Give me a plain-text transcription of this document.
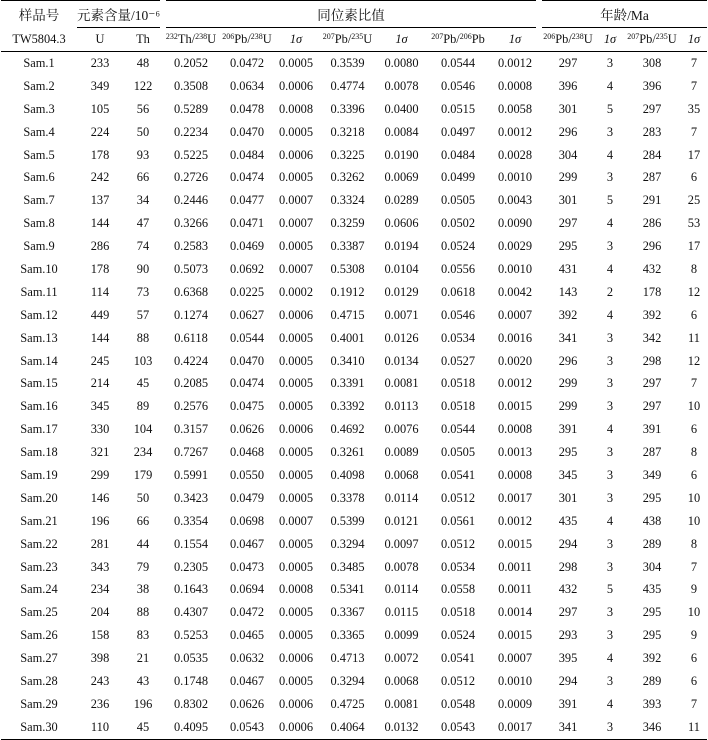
样品号	元素含量/10⁻⁶		同位素比值							年龄/Ma			
TW5804.3	U	Th	$^{232}$Th/$^{238}$U	$^{206}$Pb/$^{238}$U	1σ	$^{207}$Pb/$^{235}$U	1σ	$^{207}$Pb/$^{206}$Pb	1σ	$^{206}$Pb/$^{238}$U	1σ	$^{207}$Pb/$^{235}$U	1σ
Sam.1	233	48	0.2052	0.0472	0.0005	0.3539	0.0080	0.0544	0.0012	297	3	308	7
Sam.2	349	122	0.3508	0.0634	0.0006	0.4774	0.0078	0.0546	0.0008	396	4	396	7
Sam.3	105	56	0.5289	0.0478	0.0008	0.3396	0.0400	0.0515	0.0058	301	5	297	35
Sam.4	224	50	0.2234	0.0470	0.0005	0.3218	0.0084	0.0497	0.0012	296	3	283	7
Sam.5	178	93	0.5225	0.0484	0.0006	0.3225	0.0190	0.0484	0.0028	304	4	284	17
Sam.6	242	66	0.2726	0.0474	0.0005	0.3262	0.0069	0.0499	0.0010	299	3	287	6
Sam.7	137	34	0.2446	0.0477	0.0007	0.3324	0.0289	0.0505	0.0043	301	5	291	25
Sam.8	144	47	0.3266	0.0471	0.0007	0.3259	0.0606	0.0502	0.0090	297	4	286	53
Sam.9	286	74	0.2583	0.0469	0.0005	0.3387	0.0194	0.0524	0.0029	295	3	296	17
Sam.10	178	90	0.5073	0.0692	0.0007	0.5308	0.0104	0.0556	0.0010	431	4	432	8
Sam.11	114	73	0.6368	0.0225	0.0002	0.1912	0.0129	0.0618	0.0042	143	2	178	12
Sam.12	449	57	0.1274	0.0627	0.0006	0.4715	0.0071	0.0546	0.0007	392	4	392	6
Sam.13	144	88	0.6118	0.0544	0.0005	0.4001	0.0126	0.0534	0.0016	341	3	342	11
Sam.14	245	103	0.4224	0.0470	0.0005	0.3410	0.0134	0.0527	0.0020	296	3	298	12
Sam.15	214	45	0.2085	0.0474	0.0005	0.3391	0.0081	0.0518	0.0012	299	3	297	7
Sam.16	345	89	0.2576	0.0475	0.0005	0.3392	0.0113	0.0518	0.0015	299	3	297	10
Sam.17	330	104	0.3157	0.0626	0.0006	0.4692	0.0076	0.0544	0.0008	391	4	391	6
Sam.18	321	234	0.7267	0.0468	0.0005	0.3261	0.0089	0.0505	0.0013	295	3	287	8
Sam.19	299	179	0.5991	0.0550	0.0005	0.4098	0.0068	0.0541	0.0008	345	3	349	6
Sam.20	146	50	0.3423	0.0479	0.0005	0.3378	0.0114	0.0512	0.0017	301	3	295	10
Sam.21	196	66	0.3354	0.0698	0.0007	0.5399	0.0121	0.0561	0.0012	435	4	438	10
Sam.22	281	44	0.1554	0.0467	0.0005	0.3294	0.0097	0.0512	0.0015	294	3	289	8
Sam.23	343	79	0.2305	0.0473	0.0005	0.3485	0.0078	0.0534	0.0011	298	3	304	7
Sam.24	234	38	0.1643	0.0694	0.0008	0.5341	0.0114	0.0558	0.0011	432	5	435	9
Sam.25	204	88	0.4307	0.0472	0.0005	0.3367	0.0115	0.0518	0.0014	297	3	295	10
Sam.26	158	83	0.5253	0.0465	0.0005	0.3365	0.0099	0.0524	0.0015	293	3	295	9
Sam.27	398	21	0.0535	0.0632	0.0006	0.4713	0.0072	0.0541	0.0007	395	4	392	6
Sam.28	243	43	0.1748	0.0467	0.0005	0.3294	0.0068	0.0512	0.0010	294	3	289	6
Sam.29	236	196	0.8302	0.0626	0.0006	0.4725	0.0081	0.0548	0.0009	391	4	393	7
Sam.30	110	45	0.4095	0.0543	0.0006	0.4064	0.0132	0.0543	0.0017	341	3	346	11
